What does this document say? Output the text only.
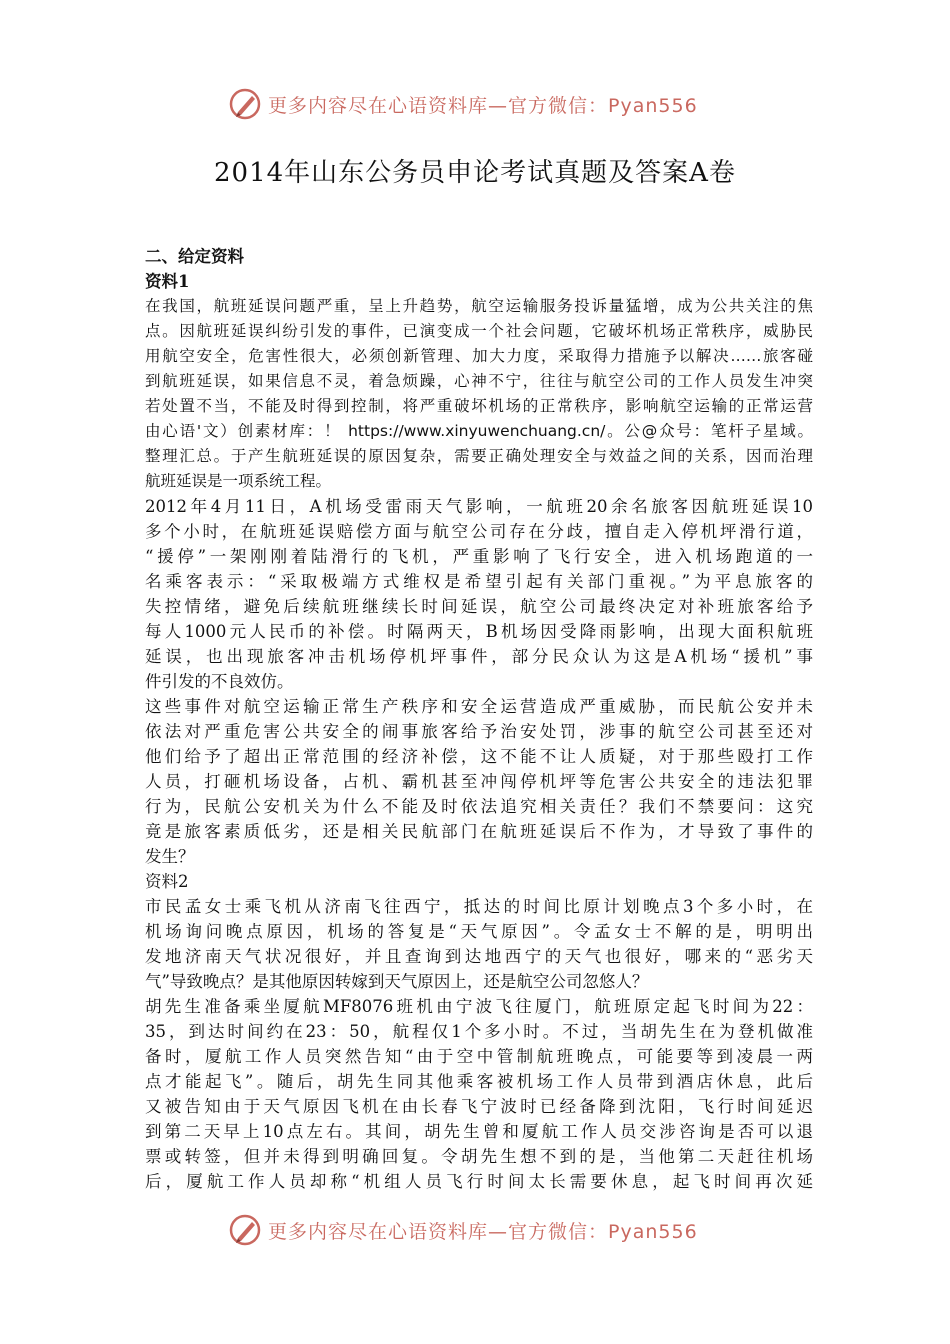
更多内容尽在心语资料库—官方微信：Pyan556
2014年山东公务员申论考试真题及答案A卷
二、给定资料
资料1
在我国，航班延误问题严重，呈上升趋势，航空运输服务投诉量猛增，成为公共关注的焦
点。因航班延误纠纷引发的事件，已演变成一个社会问题，它破坏机场正常秩序，威胁民
用航空安全，危害性很大，必须创新管理、加大力度，采取得力措施予以解决……旅客碰
到航班延误，如果信息不灵，着急烦躁，心神不宁，往往与航空公司的工作人员发生冲突
若处置不当，不能及时得到控制，将严重破坏机场的正常秩序，影响航空运输的正常运营
由心语'文）创素材库：！ https://www.xinyuwenchuang.cn/。公@众号：笔杆子星域。
整理汇总。于产生航班延误的原因复杂，需要正确处理安全与效益之间的关系，因而治理
航班延误是一项系统工程。
2012年4月11日，A机场受雷雨天气影响，一航班20余名旅客因航班延误10
多个小时，在航班延误赔偿方面与航空公司存在分歧，擅自走入停机坪滑行道，
“援停”一架刚刚着陆滑行的飞机，严重影响了飞行安全，进入机场跑道的一
名乘客表示：“采取极端方式维权是希望引起有关部门重视。”为平息旅客的
失控情绪，避免后续航班继续长时间延误，航空公司最终决定对补班旅客给予
每人1000元人民币的补偿。时隔两天，B机场因受降雨影响，出现大面积航班
延误，也出现旅客冲击机场停机坪事件，部分民众认为这是A机场“援机”事
件引发的不良效仿。
这些事件对航空运输正常生产秩序和安全运营造成严重威胁，而民航公安并未
依法对严重危害公共安全的闹事旅客给予治安处罚，涉事的航空公司甚至还对
他们给予了超出正常范围的经济补偿，这不能不让人质疑，对于那些殴打工作
人员，打砸机场设备，占机、霸机甚至冲闯停机坪等危害公共安全的违法犯罪
行为，民航公安机关为什么不能及时依法追究相关责任？我们不禁要问：这究
竟是旅客素质低劣，还是相关民航部门在航班延误后不作为，才导致了事件的
发生？
资料2
市民孟女士乘飞机从济南飞往西宁，抵达的时间比原计划晚点3个多小时，在
机场询问晚点原因，机场的答复是“天气原因”。令孟女士不解的是，明明出
发地济南天气状况很好，并且查询到达地西宁的天气也很好，哪来的“恶劣天
气”导致晚点？是其他原因转嫁到天气原因上，还是航空公司忽悠人？
胡先生准备乘坐厦航MF8076班机由宁波飞往厦门，航班原定起飞时间为22：
35，到达时间约在23：50，航程仅1个多小时。不过，当胡先生在为登机做准
备时，厦航工作人员突然告知“由于空中管制航班晚点，可能要等到凌晨一两
点才能起飞”。随后，胡先生同其他乘客被机场工作人员带到酒店休息，此后
又被告知由于天气原因飞机在由长春飞宁波时已经备降到沈阳，飞行时间延迟
到第二天早上10点左右。其间，胡先生曾和厦航工作人员交涉咨询是否可以退
票或转签，但并未得到明确回复。令胡先生想不到的是，当他第二天赶往机场
后，厦航工作人员却称“机组人员飞行时间太长需要休息，起飞时间再次延
更多内容尽在心语资料库—官方微信：Pyan556
